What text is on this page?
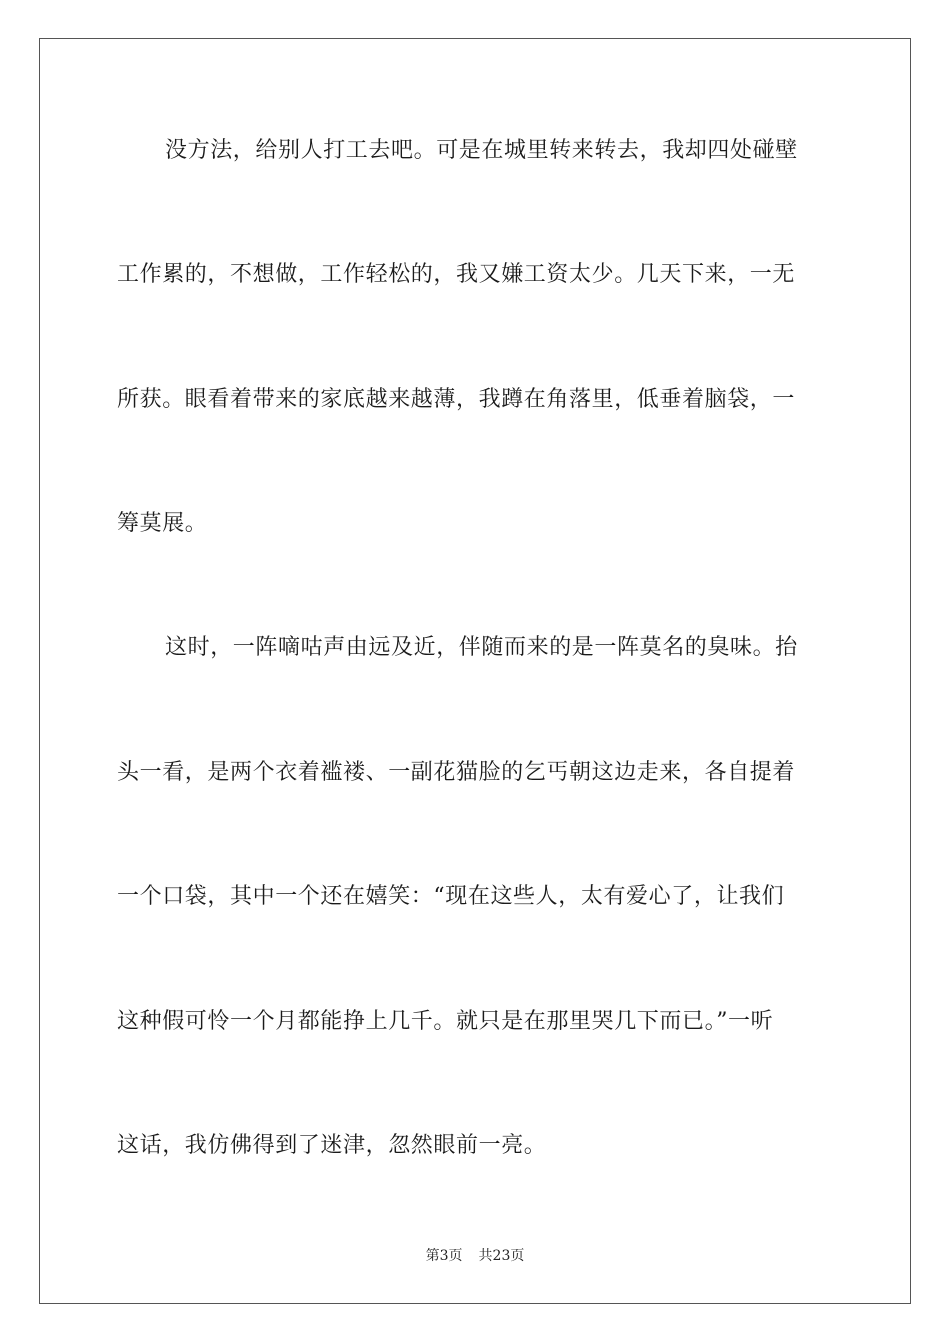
没方法，给别人打工去吧。可是在城里转来转去，我却四处碰壁
工作累的，不想做，工作轻松的，我又嫌工资太少。几天下来，一无
所获。眼看着带来的家底越来越薄，我蹲在角落里，低垂着脑袋，一
筹莫展。
这时，一阵嘀咕声由远及近，伴随而来的是一阵莫名的臭味。抬
头一看，是两个衣着褴褛、一副花猫脸的乞丐朝这边走来，各自提着
一个口袋，其中一个还在嬉笑：“现在这些人，太有爱心了，让我们
这种假可怜一个月都能挣上几千。就只是在那里哭几下而已。”一听
这话，我仿佛得到了迷津，忽然眼前一亮。
第3页 共23页
